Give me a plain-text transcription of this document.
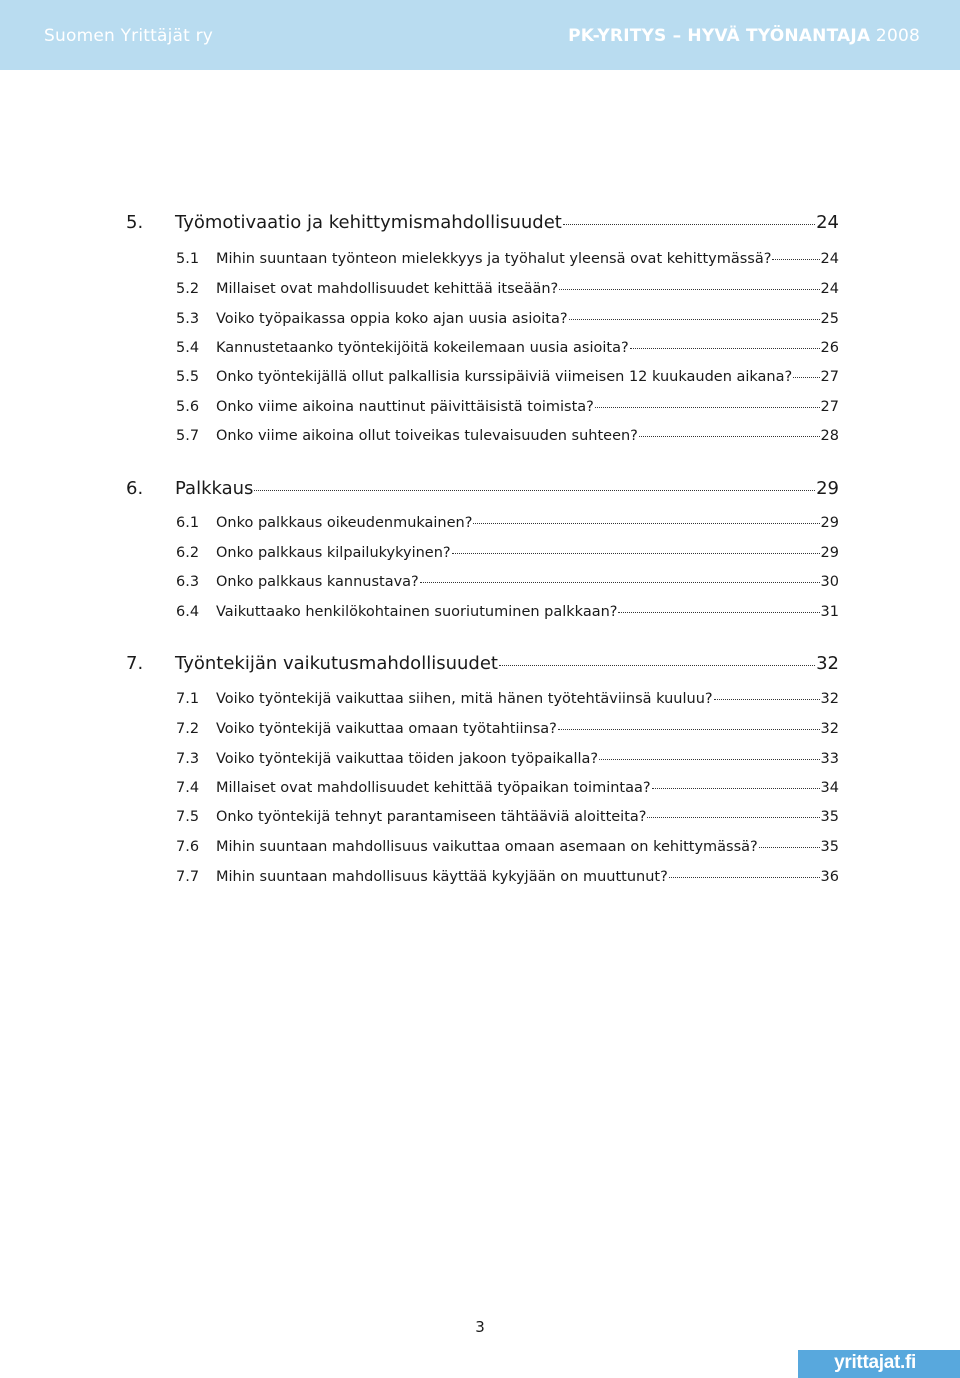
Suomen Yrittäjät ry	PK-YRITYS – HYVÄ TYÖNANTAJA 2008
5.	Työmotivaatio ja kehittymismahdollisuudet	24
5.1	Mihin suuntaan työnteon mielekkyys ja työhalut yleensä ovat kehittymässä?	24
5.2	Millaiset ovat mahdollisuudet kehittää itseään?	24
5.3	Voiko työpaikassa oppia koko ajan uusia asioita?	25
5.4	Kannustetaanko työntekijöitä kokeilemaan uusia asioita?	26
5.5	Onko työntekijällä ollut palkallisia kurssipäiviä viimeisen 12 kuukauden aikana? 27
5.6	Onko viime aikoina nauttinut päivittäisistä toimista?	27
5.7	Onko viime aikoina ollut toiveikas tulevaisuuden suhteen?	28
6.	Palkkaus	29
6.1	Onko palkkaus oikeudenmukainen?	29
6.2	Onko palkkaus kilpailukykyinen?	29
6.3	Onko palkkaus kannustava?	30
6.4	Vaikuttaako henkilökohtainen suoriutuminen palkkaan?	31
7.	Työntekijän vaikutusmahdollisuudet	32
7.1	Voiko työntekijä vaikuttaa siihen, mitä hänen työtehtäviinsä kuuluu?	32
7.2	Voiko työntekijä vaikuttaa omaan työtahtiinsa?	32
7.3	Voiko työntekijä vaikuttaa töiden jakoon työpaikalla?	33
7.4	Millaiset ovat mahdollisuudet kehittää työpaikan toimintaa?	34
7.5	Onko työntekijä tehnyt parantamiseen tähtääviä aloitteita?	35
7.6	Mihin suuntaan mahdollisuus vaikuttaa omaan asemaan on kehittymässä?	35
7.7	Mihin suuntaan mahdollisuus käyttää kykyjään on muuttunut?	36
3
yrittajat.fi
